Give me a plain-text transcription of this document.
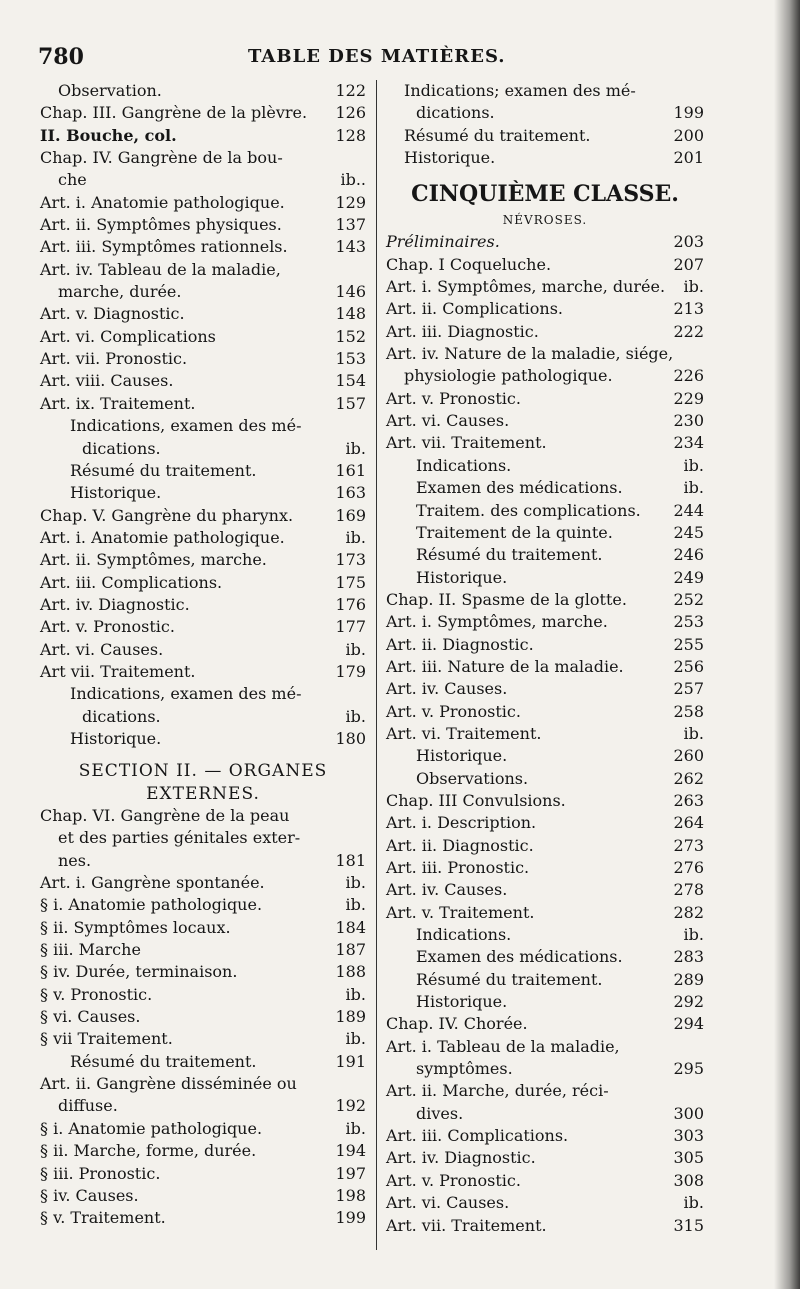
780	TABLE DES MATIÈRES.
Observation.	122
Chap. III. Gangrène de la plèvre. 126
II. Bouche, col.	128
Chap. IV. Gangrène de la bou-
che	ib..
Art. i. Anatomie pathologique.	129
Art. ii. Symptômes physiques.	137
Art. iii. Symptômes rationnels.	143
Art. iv. Tableau de la maladie,
marche, durée.	146
Art. v. Diagnostic.	148
Art. vi. Complications	152
Art. vii. Pronostic.	153
Art. viii. Causes.	154
Art. ix. Traitement.	157
Indications, examen des mé-
dications.	ib.
Résumé du traitement.	161
Historique.	163
Chap. V. Gangrène du pharynx.	169
Art. i. Anatomie pathologique.	ib.
Art. ii. Symptômes, marche.	173
Art. iii. Complications.	175
Art. iv. Diagnostic.	176
Art. v. Pronostic.	177
Art. vi. Causes.	ib.
Art vii. Traitement.	179
Indications, examen des mé-
dications.	ib.
Historique.	180
SECTION II. — ORGANES
EXTERNES.
Chap. VI. Gangrène de la peau
et des parties génitales exter-
nes.	181
Art. i. Gangrène spontanée.	ib.
§ i. Anatomie pathologique.	ib.
§ ii. Symptômes locaux.	184
§ iii. Marche	187
§ iv. Durée, terminaison.	188
§ v. Pronostic.	ib.
§ vi. Causes.	189
§ vii Traitement.	ib.
Résumé du traitement.	191
Art. ii. Gangrène disséminée ou
diffuse.	192
§ i. Anatomie pathologique.	ib.
§ ii. Marche, forme, durée.	194
§ iii. Pronostic.	197
§ iv. Causes.	198
§ v. Traitement.	199
Indications; examen des mé-
dications.	199
Résumé du traitement.	200
Historique.	201
CINQUIÈME CLASSE.
NÉVROSES.
Préliminaires.	203
Chap. I Coqueluche.	207
Art. i. Symptômes, marche, durée. ib.
Art. ii. Complications.	213
Art. iii. Diagnostic.	222
Art. iv. Nature de la maladie, siége,
physiologie pathologique.	226
Art. v. Pronostic.	229
Art. vi. Causes.	230
Art. vii. Traitement.	234
Indications.	ib.
Examen des médications.	ib.
Traitem. des complications. 244
Traitement de la quinte.	245
Résumé du traitement.	246
Historique.	249
Chap. II. Spasme de la glotte.	252
Art. i. Symptômes, marche.	253
Art. ii. Diagnostic.	255
Art. iii. Nature de la maladie.	256
Art. iv. Causes.	257
Art. v. Pronostic.	258
Art. vi. Traitement.	ib.
Historique.	260
Observations.	262
Chap. III Convulsions.	263
Art. i. Description.	264
Art. ii. Diagnostic.	273
Art. iii. Pronostic.	276
Art. iv. Causes.	278
Art. v. Traitement.	282
Indications.	ib.
Examen des médications.	283
Résumé du traitement.	289
Historique.	292
Chap. IV. Chorée.	294
Art. i. Tableau de la maladie,
symptômes.	295
Art. ii. Marche, durée, réci-
dives.	300
Art. iii. Complications.	303
Art. iv. Diagnostic.	305
Art. v. Pronostic.	308
Art. vi. Causes.	ib.
Art. vii. Traitement.	315
